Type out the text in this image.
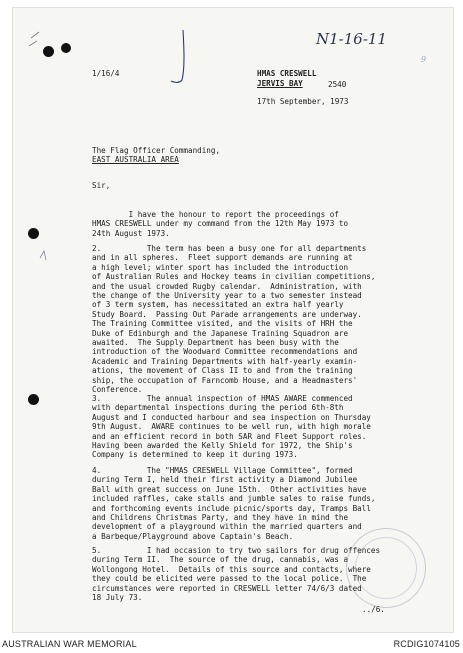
N1-16-11
9
1/16/4	HMAS CRESWELL
JERVIS BAY	2540
17th September, 1973
The Flag Officer Commanding,
EAST AUSTRALIA AREA
Sir,
I have the honour to report the proceedings of
HMAS CRESWELL under my command from the 12th May 1973 to
24th August 1973.
2.          The term has been a busy one for all departments
and in all spheres.  Fleet support demands are running at
a high level; winter sport has included the introduction
of Australian Rules and Hockey teams in civilian competitions,
and the usual crowded Rugby calendar.  Administration, with
the change of the University year to a two semester instead
of 3 term system, has necessitated an extra half yearly
Study Board.  Passing Out Parade arrangements are underway.
The Training Committee visited, and the visits of HRH the
Duke of Edinburgh and the Japanese Training Squadron are
awaited.  The Supply Department has been busy with the
introduction of the Woodward Committee recommendations and
Academic and Training Departments with half-yearly examin-
ations, the movement of Class II to and from the training
ship, the occupation of Farncomb House, and a Headmasters'
Conference.
3.          The annual inspection of HMAS AWARE commenced
with departmental inspections during the period 6th-8th
August and I conducted harbour and sea inspection on Thursday
9th August.  AWARE continues to be well run, with high morale
and an efficient record in both SAR and Fleet Support roles.
Having been awarded the Kelly Shield for 1972, the Ship's
Company is determined to keep it during 1973.
4.          The "HMAS CRESWELL Village Committee", formed
during Term I, held their first activity a Diamond Jubilee
Ball with great success on June 15th.  Other activities have
included raffles, cake stalls and jumble sales to raise funds,
and forthcoming events include picnic/sports day, Tramps Ball
and Childrens Christmas Party, and they have in mind the
development of a playground within the married quarters and
a Barbeque/Playground above Captain's Beach.
5.          I had occasion to try two sailors for drug offences
during Term II.  The source of the drug, cannabis, was a
Wollongong Hotel.  Details of this source and contacts, where
they could be elicited were passed to the local police.  The
circumstances were reported in CRESWELL letter 74/6/3 dated
18 July 73.
../6.
AUSTRALIAN WAR MEMORIAL	RCDIG1074105
